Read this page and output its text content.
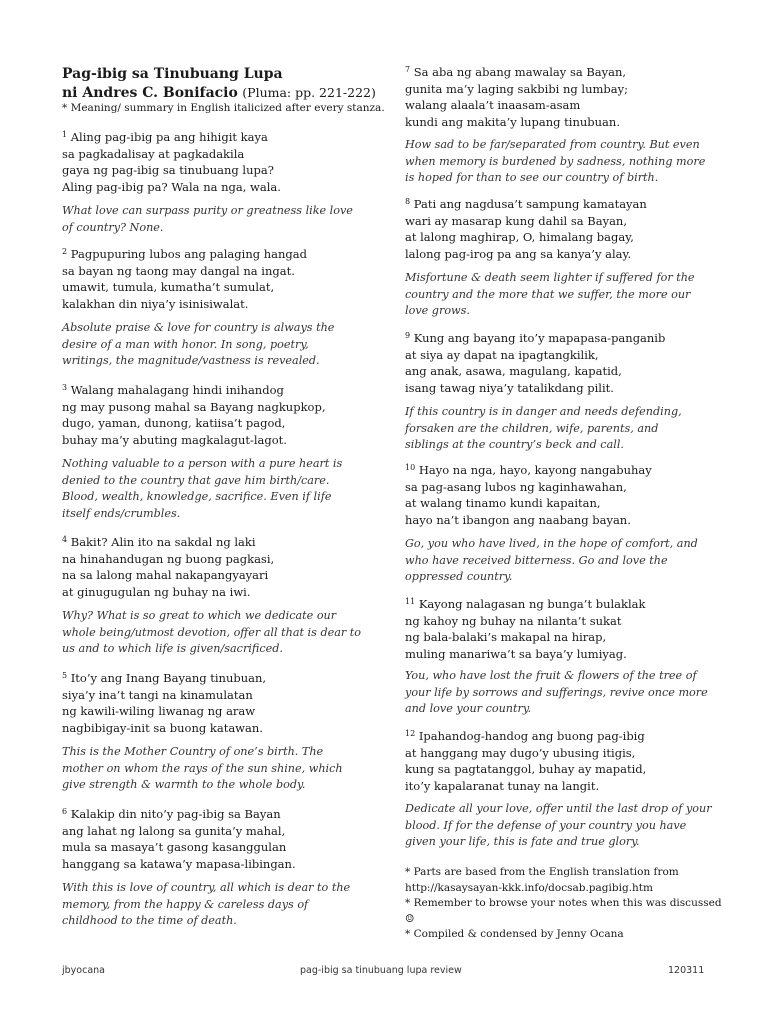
Pag-ibig sa Tinubuang Lupa
ni Andres C. Bonifacio (Pluma: pp. 221-222)
* Meaning/ summary in English italicized after every stanza.
$^1$ Aling pag-ibig pa ang hihigit kaya
sa pagkadalisay at pagkadakila
gaya ng pag-ibig sa tinubuang lupa?
Aling pag-ibig pa? Wala na nga, wala.
What love can surpass purity or greatness like love of country? None.
$^2$ Pagpupuring lubos ang palaging hangad
sa bayan ng taong may dangal na ingat.
umawit, tumula, kumatha’t sumulat,
kalakhan din niya’y isinisiwalat.
Absolute praise & love for country is always the desire of a man with honor. In song, poetry, writings, the magnitude/vastness is revealed.
$^3$ Walang mahalagang hindi inihandog
ng may pusong mahal sa Bayang nagkupkop,
dugo, yaman, dunong, katiisa’t pagod,
buhay ma’y abuting magkalagut-lagot.
Nothing valuable to a person with a pure heart is denied to the country that gave him birth/care. Blood, wealth, knowledge, sacrifice. Even if life itself ends/crumbles.
$^4$ Bakit? Alin ito na sakdal ng laki
na hinahandugan ng buong pagkasi,
na sa lalong mahal nakapangyayari
at ginugugulan ng buhay na iwi.
Why? What is so great to which we dedicate our whole being/utmost devotion, offer all that is dear to us and to which life is given/sacrificed.
$^5$ Ito’y ang Inang Bayang tinubuan,
siya’y ina’t tangi na kinamulatan
ng kawili-wiling liwanag ng araw
nagbibigay-init sa buong katawan.
This is the Mother Country of one’s birth. The mother on whom the rays of the sun shine, which give strength & warmth to the whole body.
$^6$ Kalakip din nito’y pag-ibig sa Bayan
ang lahat ng lalong sa gunita’y mahal,
mula sa masaya’t gasong kasanggulan
hanggang sa katawa’y mapasa-libingan.
With this is love of country, all which is dear to the memory, from the happy & careless days of childhood to the time of death.
$^7$ Sa aba ng abang mawalay sa Bayan,
gunita ma’y laging sakbibi ng lumbay;
walang alaala’t inaasam-asam
kundi ang makita’y lupang tinubuan.
How sad to be far/separated from country. But even when memory is burdened by sadness, nothing more is hoped for than to see our country of birth.
$^8$ Pati ang nagdusa’t sampung kamatayan
wari ay masarap kung dahil sa Bayan,
at lalong maghirap, O, himalang bagay,
lalong pag-irog pa ang sa kanya’y alay.
Misfortune & death seem lighter if suffered for the country and the more that we suffer, the more our love grows.
$^9$ Kung ang bayang ito’y mapapasa-panganib
at siya ay dapat na ipagtangkilik,
ang anak, asawa, magulang, kapatid,
isang tawag niya’y tatalikdang pilit.
If this country is in danger and needs defending, forsaken are the children, wife, parents, and siblings at the country’s beck and call.
$^{10}$ Hayo na nga, hayo, kayong nangabuhay
sa pag-asang lubos ng kaginhawahan,
at walang tinamo kundi kapaitan,
hayo na’t ibangon ang naabang bayan.
Go, you who have lived, in the hope of comfort, and who have received bitterness. Go and love the oppressed country.
$^{11}$ Kayong nalagasan ng bunga’t bulaklak
ng kahoy ng buhay na nilanta’t sukat
ng bala-balaki’s makapal na hirap,
muling manariwa’t sa baya’y lumiyag.
You, who have lost the fruit & flowers of the tree of your life by sorrows and sufferings, revive once more and love your country.
$^{12}$ Ipahandog-handog ang buong pag-ibig
at hanggang may dugo’y ubusing itigis,
kung sa pagtatanggol, buhay ay mapatid,
ito’y kapalaranat tunay na langit.
Dedicate all your love, offer until the last drop of your blood. If for the defense of your country you have given your life, this is fate and true glory.
* Parts are based from the English translation from
http://kasaysayan-kkk.info/docsab.pagibig.htm
* Remember to browse your notes when this was discussed ☺
* Compiled & condensed by Jenny Ocana
jbyocana	pag-ibig sa tinubuang lupa review	120311
